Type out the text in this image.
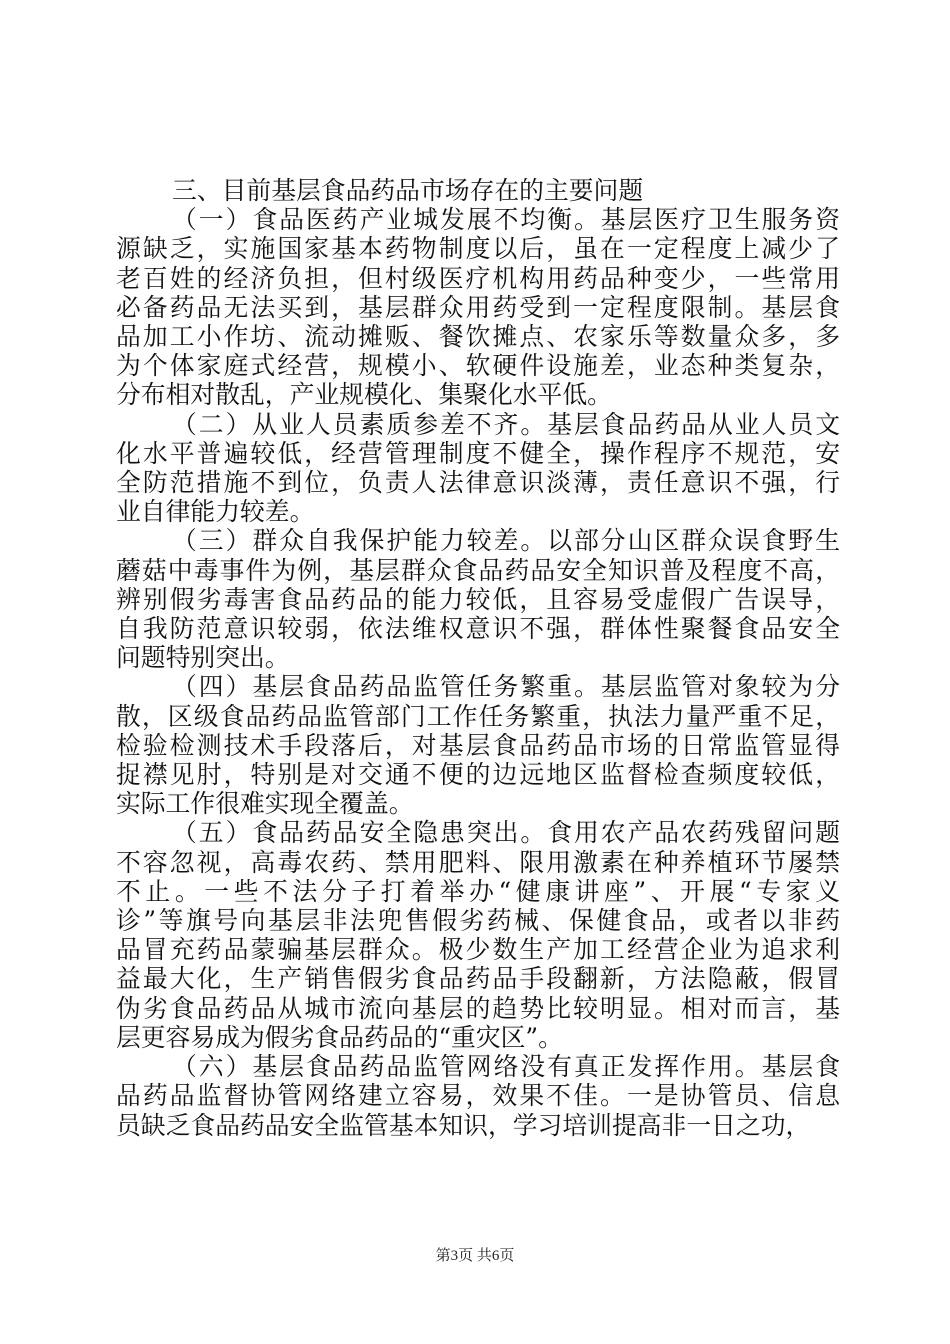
三、目前基层食品药品市场存在的主要问题

（一）食品医药产业城发展不均衡。基层医疗卫生服务资
源缺乏，实施国家基本药物制度以后，虽在一定程度上减少了
老百姓的经济负担，但村级医疗机构用药品种变少，一些常用
必备药品无法买到，基层群众用药受到一定程度限制。基层食
品加工小作坊、流动摊贩、餐饮摊点、农家乐等数量众多，多
为个体家庭式经营，规模小、软硬件设施差，业态种类复杂，
分布相对散乱，产业规模化、集聚化水平低。

（二）从业人员素质参差不齐。基层食品药品从业人员文
化水平普遍较低，经营管理制度不健全，操作程序不规范，安
全防范措施不到位，负责人法律意识淡薄，责任意识不强，行
业自律能力较差。

（三）群众自我保护能力较差。以部分山区群众误食野生
蘑菇中毒事件为例，基层群众食品药品安全知识普及程度不高，
辨别假劣毒害食品药品的能力较低，且容易受虚假广告误导，
自我防范意识较弱，依法维权意识不强，群体性聚餐食品安全
问题特别突出。

（四）基层食品药品监管任务繁重。基层监管对象较为分
散，区级食品药品监管部门工作任务繁重，执法力量严重不足，
检验检测技术手段落后，对基层食品药品市场的日常监管显得
捉襟见肘，特别是对交通不便的边远地区监督检查频度较低，
实际工作很难实现全覆盖。

（五）食品药品安全隐患突出。食用农产品农药残留问题
不容忽视，高毒农药、禁用肥料、限用激素在种养植环节屡禁
不止。一些不法分子打着举办“健康讲座”、开展“专家义
诊”等旗号向基层非法兜售假劣药械、保健食品，或者以非药
品冒充药品蒙骗基层群众。极少数生产加工经营企业为追求利
益最大化，生产销售假劣食品药品手段翻新，方法隐蔽，假冒
伪劣食品药品从城市流向基层的趋势比较明显。相对而言，基
层更容易成为假劣食品药品的“重灾区”。

（六）基层食品药品监管网络没有真正发挥作用。基层食
品药品监督协管网络建立容易，效果不佳。一是协管员、信息
员缺乏食品药品安全监管基本知识，学习培训提高非一日之功，

第3页 共6页
